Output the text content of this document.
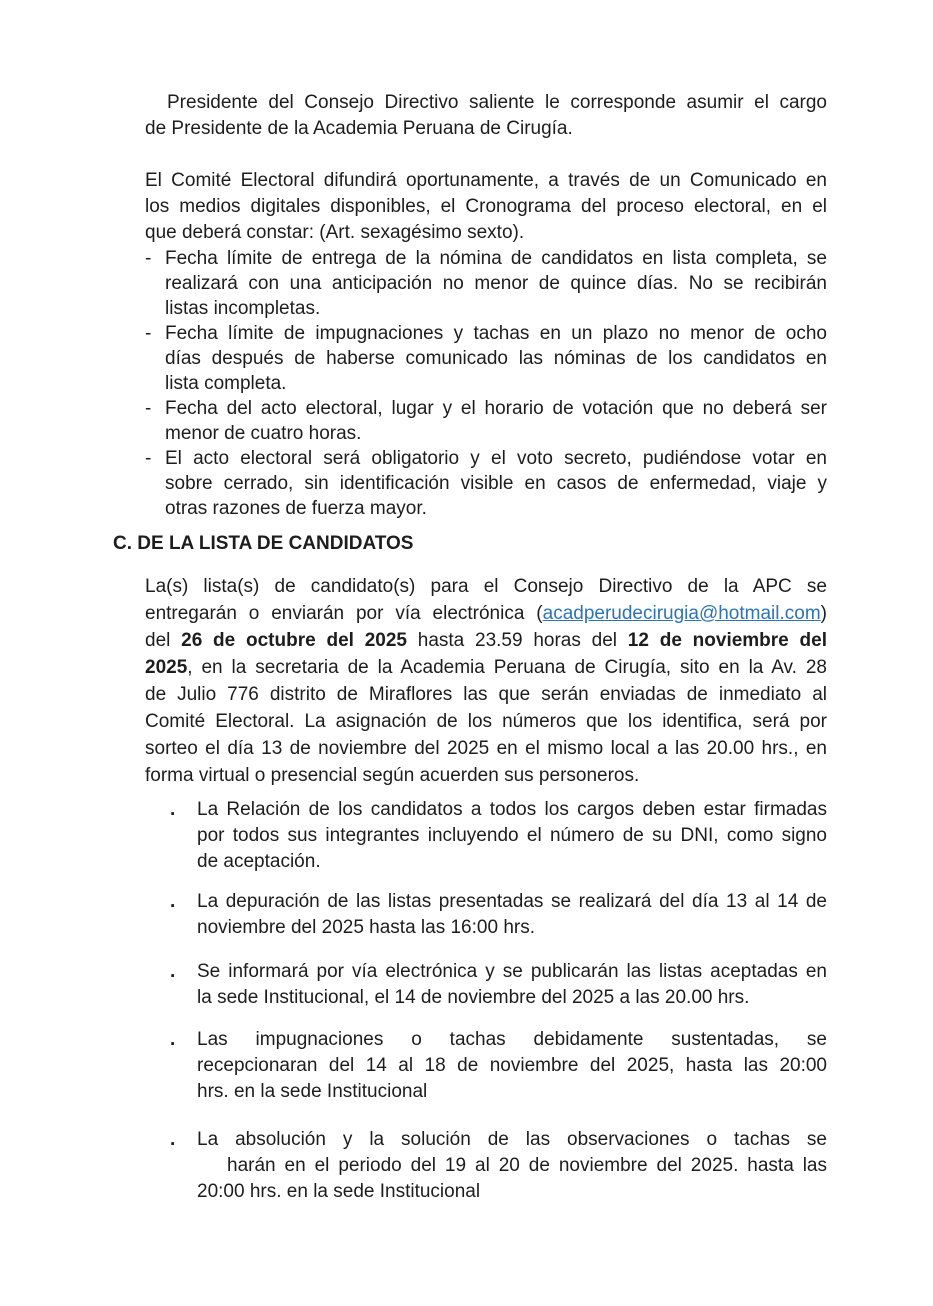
Presidente del Consejo Directivo saliente le corresponde asumir el cargo
de Presidente de la Academia Peruana de Cirugía.

El Comité Electoral difundirá oportunamente, a través de un Comunicado en
los medios digitales disponibles, el Cronograma del proceso electoral, en el
que deberá constar: (Art. sexagésimo sexto).

- Fecha límite de entrega de la nómina de candidatos en lista completa, se
realizará con una anticipación no menor de quince días. No se recibirán
listas incompletas.
- Fecha límite de impugnaciones y tachas en un plazo no menor de ocho
días después de haberse comunicado las nóminas de los candidatos en
lista completa.
- Fecha del acto electoral, lugar y el horario de votación que no deberá ser
menor de cuatro horas.
- El acto electoral será obligatorio y el voto secreto, pudiéndose votar en
sobre cerrado, sin identificación visible en casos de enfermedad, viaje y
otras razones de fuerza mayor.
C. DE LA LISTA DE CANDIDATOS

La(s) lista(s) de candidato(s) para el Consejo Directivo de la APC se
entregarán o enviarán por vía electrónica (acadperudecirugia@hotmail.com)
del 26 de octubre del 2025 hasta 23.59 horas del 12 de noviembre del
2025, en la secretaria de la Academia Peruana de Cirugía, sito en la Av. 28
de Julio 776 distrito de Miraflores las que serán enviadas de inmediato al
Comité Electoral. La asignación de los números que los identifica, será por
sorteo el día 13 de noviembre del 2025 en el mismo local a las 20.00 hrs., en
forma virtual o presencial según acuerden sus personeros.

.	La Relación de los candidatos a todos los cargos deben estar firmadas
por todos sus integrantes incluyendo el número de su DNI, como signo
de aceptación.
.	La depuración de las listas presentadas se realizará del día 13 al 14 de
noviembre del 2025 hasta las 16:00 hrs.
.	Se informará por vía electrónica y se publicarán las listas aceptadas en
la sede Institucional, el 14 de noviembre del 2025 a las 20.00 hrs.
.	Las impugnaciones o tachas debidamente sustentadas, se
recepcionaran del 14 al 18 de noviembre del 2025, hasta las 20:00
hrs. en la sede Institucional
.	La absolución y la solución de las observaciones o tachas se
harán en el periodo del 19 al 20 de noviembre del 2025. hasta las
20:00 hrs. en la sede Institucional
